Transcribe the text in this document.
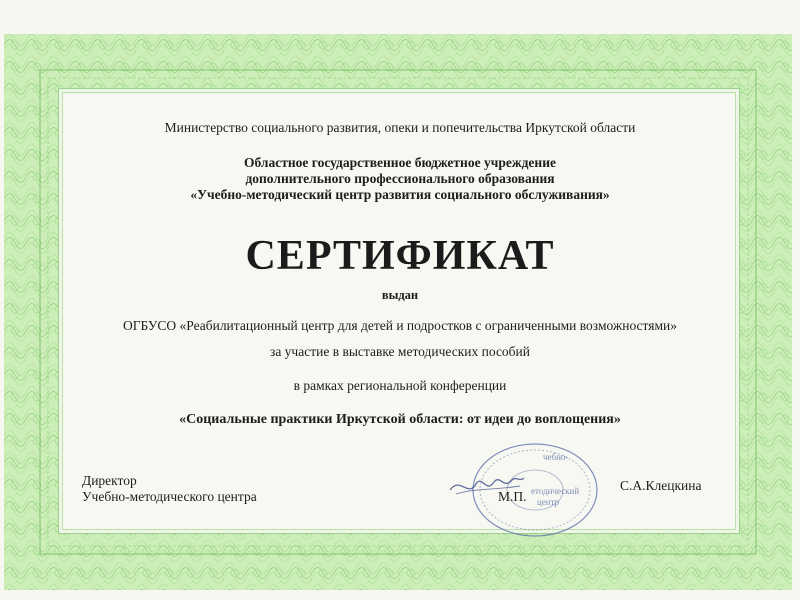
Министерство социального развития, опеки и попечительства Иркутской области
Областное государственное бюджетное учреждение
дополнительного профессионального образования
«Учебно-методический центр развития социального обслуживания»
СЕРТИФИКАТ
выдан
ОГБУСО «Реабилитационный центр для детей и подростков с ограниченными возможностями»
за участие в выставке методических пособий
в рамках региональной конференции
«Социальные практики Иркутской области: от идеи до воплощения»
Директор
Учебно-методического центра
чебно-
етодический
центр
М.П.
С.А.Клецкина
